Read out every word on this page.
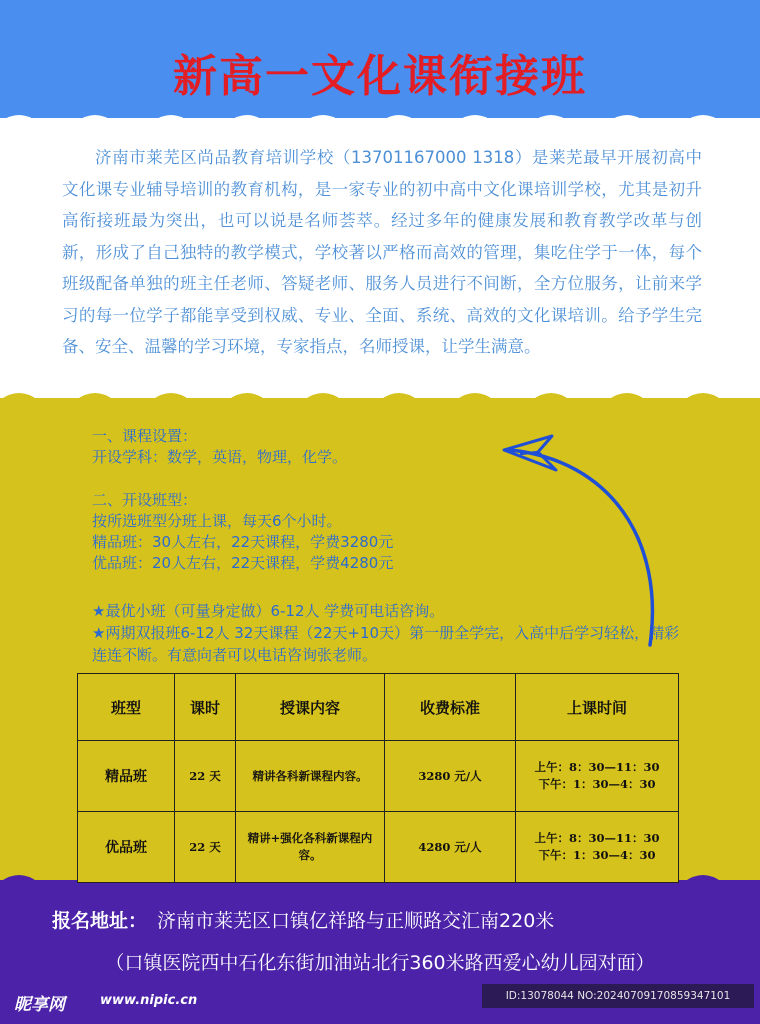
新高一文化课衔接班

济南市莱芜区尚品教育培训学校（13701167000 1318）是莱芜最早开展初高中文化课专业辅导培训的教育机构，是一家专业的初中高中文化课培训学校，尤其是初升高衔接班最为突出，也可以说是名师荟萃。经过多年的健康发展和教育教学改革与创新，形成了自己独特的教学模式，学校著以严格而高效的管理，集吃住学于一体，每个班级配备单独的班主任老师、答疑老师、服务人员进行不间断，全方位服务，让前来学习的每一位学子都能享受到权威、专业、全面、系统、高效的文化课培训。给予学生完备、安全、温馨的学习环境，专家指点，名师授课，让学生满意。

一、课程设置：

开设学科：数学，英语，物理，化学。

二、开设班型：

按所选班型分班上课，每天6个小时。

精品班：30人左右，22天课程，学费3280元

优品班：20人左右，22天课程，学费4280元

★最优小班（可量身定做）6-12人 学费可电话咨询。

★两期双报班6-12人 32天课程（22天+10天）第一册全学完，入高中后学习轻松，精彩连连不断。有意向者可以电话咨询张老师。

班型	课时	授课内容	收费标准	上课时间
精品班	22 天	精讲各科新课程内容。	3280 元/人	上午：8：30—11：30
下午：1：30—4：30

优品班	22 天	精讲+强化各科新课程内容。	4280 元/人	上午：8：30—11：30
下午：1：30—4：30

报名地址： 济南市莱芜区口镇亿祥路与正顺路交汇南220米

（口镇医院西中石化东街加油站北行360米路西爱心幼儿园对面）

昵享网	www.nipic.cn	ID:13078044 NO:20240709170859347101
